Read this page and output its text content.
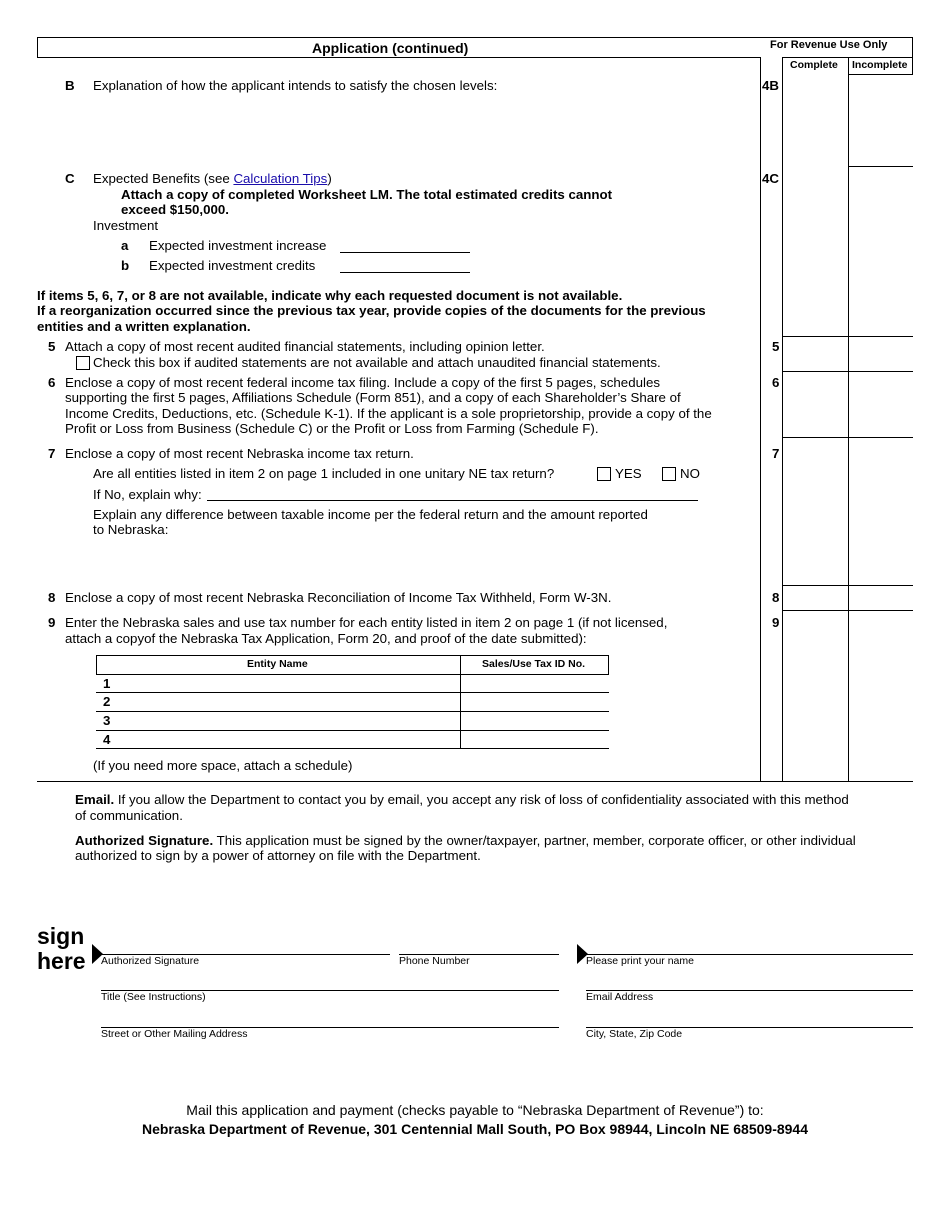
Application (continued)	For Revenue Use Only
Complete Incomplete
B Explanation of how the applicant intends to satisfy the chosen levels:	4B
C Expected Benefits (see Calculation Tips)
Attach a copy of completed Worksheet LM. The total estimated credits cannot
exceed $150,000.
Investment
a Expected investment increase
b Expected investment credits
4C
If items 5, 6, 7, or 8 are not available, indicate why each requested document is not available.
If a reorganization occurred since the previous tax year, provide copies of the documents for the previous
entities and a written explanation.
5 Attach a copy of most recent audited financial statements, including opinion letter.
Check this box if audited statements are not available and attach unaudited financial statements.
5
6 Enclose a copy of most recent federal income tax filing. Include a copy of the first 5 pages, schedules
supporting the first 5 pages, Affiliations Schedule (Form 851), and a copy of each Shareholder’s Share of
Income Credits, Deductions, etc. (Schedule K-1). If the applicant is a sole proprietorship, provide a copy of the
Profit or Loss from Business (Schedule C) or the Profit or Loss from Farming (Schedule F).
6
7 Enclose a copy of most recent Nebraska income tax return.
Are all entities listed in item 2 on page 1 included in one unitary NE tax return?	YES	NO
If No, explain why:
Explain any difference between taxable income per the federal return and the amount reported
to Nebraska:
7
8 Enclose a copy of most recent Nebraska Reconciliation of Income Tax Withheld, Form W-3N.	8
9 Enter the Nebraska sales and use tax number for each entity listed in item 2 on page 1 (if not licensed,
attach a copyof the Nebraska Tax Application, Form 20, and proof of the date submitted):
9
Entity Name	Sales/Use Tax ID No.
1
2
3
4
(If you need more space, attach a schedule)
Email. If you allow the Department to contact you by email, you accept any risk of loss of confidentiality associated with this method
of communication.
Authorized Signature. This application must be signed by the owner/taxpayer, partner, member, corporate officer, or other individual
authorized to sign by a power of attorney on file with the Department.
sign
here Authorized Signature	Phone Number	Please print your name
Title (See Instructions)	Email Address
Street or Other Mailing Address	City, State, Zip Code
Mail this application and payment (checks payable to “Nebraska Department of Revenue”) to:
Nebraska Department of Revenue, 301 Centennial Mall South, PO Box 98944, Lincoln NE 68509-8944
